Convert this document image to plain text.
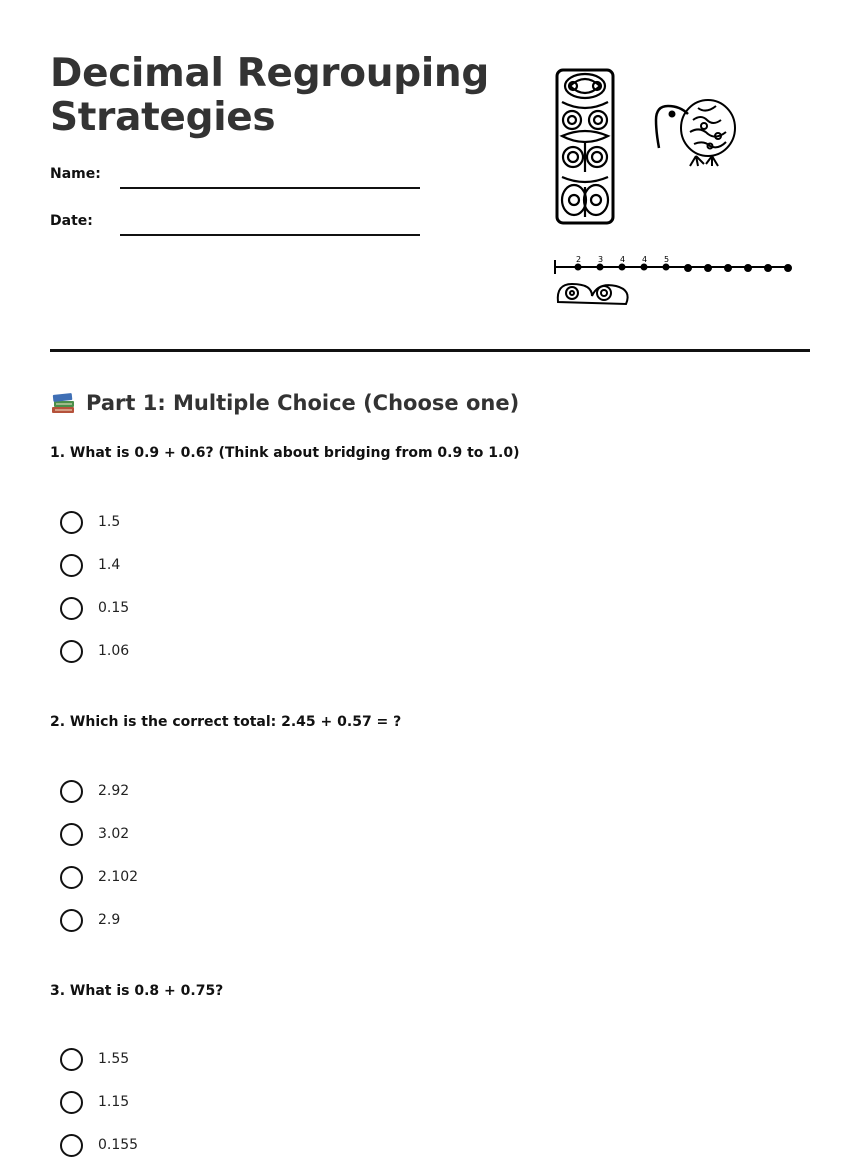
Decimal Regrouping
Strategies
Name:
Date:
2 3 4 4 5
Part 1: Multiple Choice (Choose one)
1. What is 0.9 + 0.6? (Think about bridging from 0.9 to 1.0)
1.5
1.4
0.15
1.06
2. Which is the correct total: 2.45 + 0.57 = ?
2.92
3.02
2.102
2.9
3. What is 0.8 + 0.75?
1.55
1.15
0.155
